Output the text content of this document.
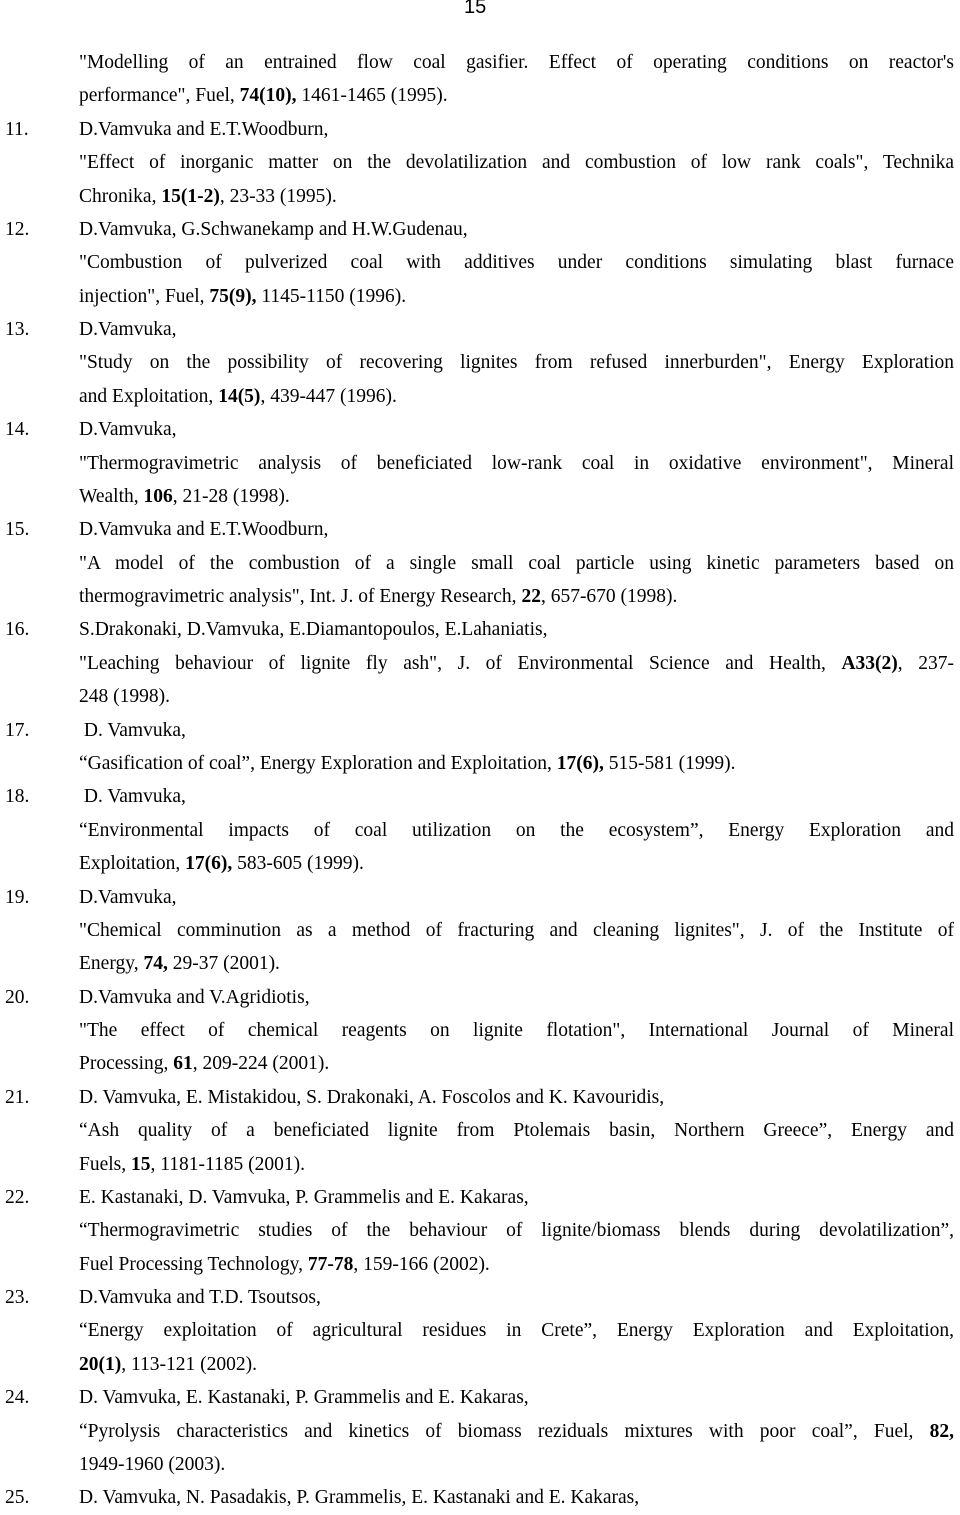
15
"Modelling of an entrained flow coal gasifier. Effect of operating conditions on reactor's
performance", Fuel, 74(10), 1461-1465 (1995).
11.	D.Vamvuka and E.T.Woodburn,
"Effect of inorganic matter on the devolatilization and combustion of low rank coals", Technika
Chronika, 15(1-2), 23-33 (1995).
12.	D.Vamvuka, G.Schwanekamp and H.W.Gudenau,
"Combustion of pulverized coal with additives under conditions simulating blast furnace
injection", Fuel, 75(9), 1145-1150 (1996).
13.	D.Vamvuka,
"Study on the possibility of recovering lignites from refused innerburden", Energy Exploration
and Exploitation, 14(5), 439-447 (1996).
14.	D.Vamvuka,
"Thermogravimetric analysis of beneficiated low-rank coal in oxidative environment", Mineral
Wealth, 106, 21-28 (1998).
15.	D.Vamvuka and E.T.Woodburn,
"A model of the combustion of a single small coal particle using kinetic parameters based on
thermogravimetric analysis", Int. J. of Energy Research, 22, 657-670 (1998).
16.	S.Drakonaki, D.Vamvuka, E.Diamantopoulos, E.Lahaniatis,
"Leaching behaviour of lignite fly ash", J. of Environmental Science and Health, A33(2), 237-
248 (1998).
17.	D. Vamvuka,
“Gasification of coal”, Energy Exploration and Exploitation, 17(6), 515-581 (1999).
18.	D. Vamvuka,
“Environmental impacts of coal utilization on the ecosystem”, Energy Exploration and
Exploitation, 17(6), 583-605 (1999).
19.	D.Vamvuka,
"Chemical comminution as a method of fracturing and cleaning lignites", J. of the Institute of
Energy, 74, 29-37 (2001).
20.	D.Vamvuka and V.Agridiotis,
"The effect of chemical reagents on lignite flotation", International Journal of Mineral
Processing, 61, 209-224 (2001).
21.	D. Vamvuka, E. Mistakidou, S. Drakonaki, A. Foscolos and K. Kavouridis,
“Ash quality of a beneficiated lignite from Ptolemais basin, Northern Greece”, Energy and
Fuels, 15, 1181-1185 (2001).
22.	E. Kastanaki, D. Vamvuka, P. Grammelis and E. Kakaras,
“Thermogravimetric studies of the behaviour of lignite/biomass blends during devolatilization”,
Fuel Processing Technology, 77-78, 159-166 (2002).
23.	D.Vamvuka and T.D. Tsoutsos,
“Energy exploitation of agricultural residues in Crete”, Energy Exploration and Exploitation,
20(1), 113-121 (2002).
24.	D. Vamvuka, E. Kastanaki, P. Grammelis and E. Kakaras,
“Pyrolysis characteristics and kinetics of biomass reziduals mixtures with poor coal”, Fuel, 82,
1949-1960 (2003).
25.	D. Vamvuka, N. Pasadakis, P. Grammelis, E. Kastanaki and E. Kakaras,
